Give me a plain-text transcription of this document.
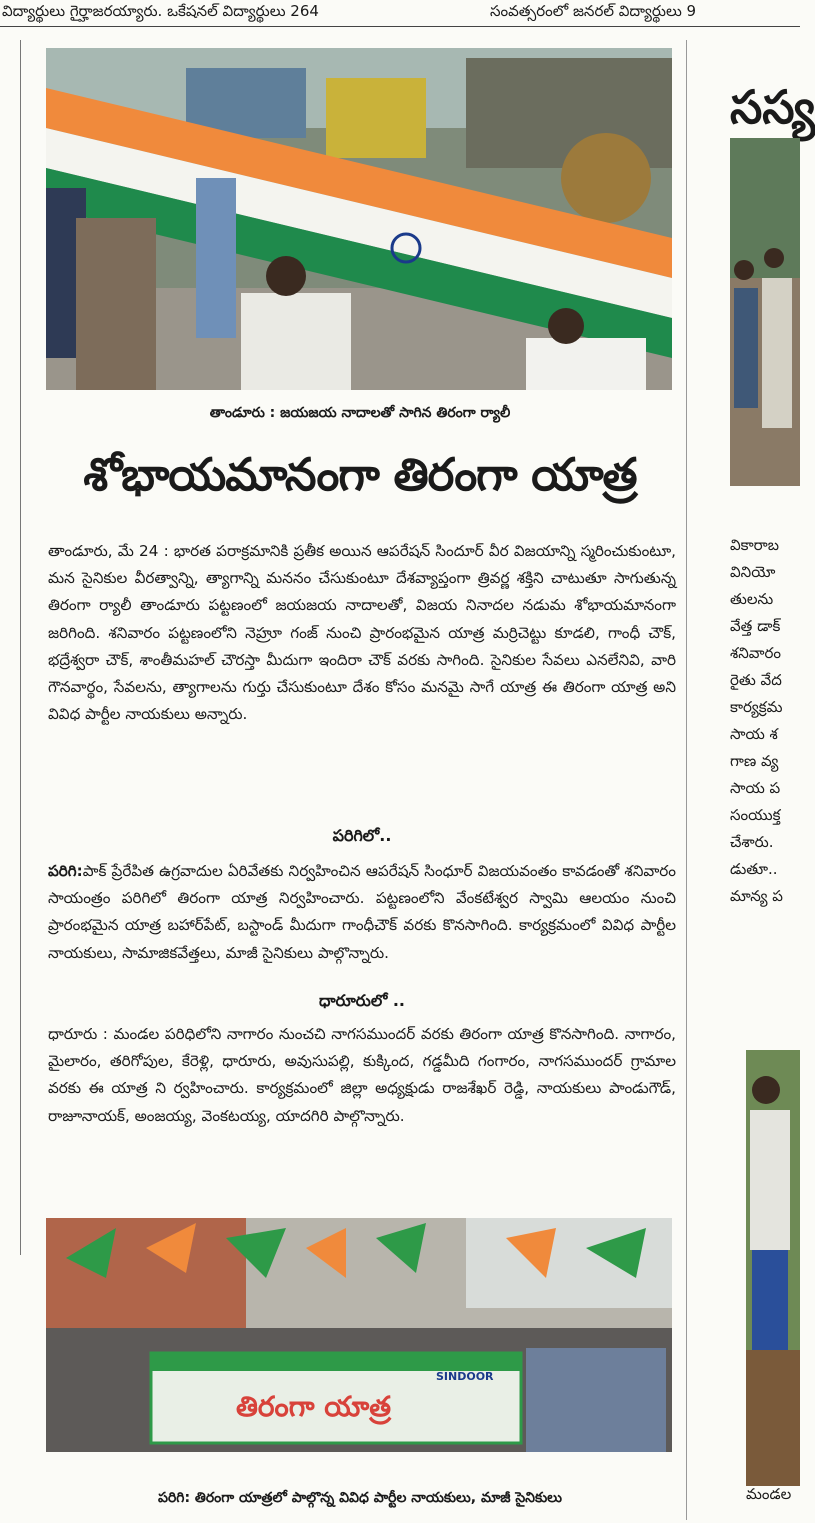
విద్యార్థులు గైర్హాజరయ్యారు. ఒకేషనల్ విద్యార్థులు 264	సంవత్సరంలో జనరల్ విద్యార్థులు 9
తాండూరు : జయజయ నాదాలతో సాగిన తిరంగా ర్యాలీ
శోభాయమానంగా తిరంగా యాత్ర
తాండూరు, మే 24 : భారత పరాక్రమానికి ప్రతీక అయిన ఆపరేషన్ సిందూర్ వీర విజయాన్ని స్మరించుకుంటూ, మన సైనికుల వీరత్వాన్ని, త్యాగాన్ని మననం చేసుకుంటూ దేశవ్యాప్తంగా త్రివర్ణ శక్తిని చాటుతూ సాగుతున్న తిరంగా ర్యాలీ తాండూరు పట్టణంలో జయజయ నాదాలతో, విజయ నినాదల నడుమ శోభాయమానంగా జరిగింది. శనివారం పట్టణంలోని నెహ్రూ గంజ్ నుంచి ప్రారంభమైన యాత్ర మర్రిచెట్టు కూడలి, గాంధీ చౌక్, భద్రేశ్వరా చౌక్, శాంతీమహల్ చౌరస్తా మీదుగా ఇందిరా చౌక్ వరకు సాగింది. సైనికుల సేవలు ఎనలేనివి, వారి గౌనవార్థం, సేవలను, త్యాగాలను గుర్తు చేసుకుంటూ దేశం కోసం మనమై సాగే యాత్ర ఈ తిరంగా యాత్ర అని వివిధ పార్టీల నాయకులు అన్నారు.
పరిగిలో..
పరిగి:పాక్ ప్రేరేపిత ఉగ్రవాదుల ఏరివేతకు నిర్వహించిన ఆపరేషన్ సింధూర్ విజయవంతం కావడంతో శనివారం సాయంత్రం పరిగిలో తిరంగా యాత్ర నిర్వహించారు. పట్టణంలోని వేంకటేశ్వర స్వామి ఆలయం నుంచి ప్రారంభమైన యాత్ర బహార్‌పేట్, బస్టాండ్ మీదుగా గాంధీచౌక్ వరకు కొనసాగింది. కార్యక్రమంలో వివిధ పార్టీల నాయకులు, సామాజికవేత్తలు, మాజీ సైనికులు పాల్గొన్నారు.
ధారూరులో ..
ధారూరు : మండల పరిధిలోని నాగారం నుంచచి నాగసముందర్ వరకు తిరంగా యాత్ర కొనసాగింది. నాగారం, మైలారం, తరిగోపుల, కేరెళ్లి, ధారూరు, అవుసుపల్లి, కుక్కింద, గడ్డమీది గంగారం, నాగసముందర్ గ్రామాల వరకు ఈ యాత్ర ని ర్వహించారు. కార్యక్రమంలో జిల్లా అధ్యక్షుడు రాజశేఖర్ రెడ్డి, నాయకులు పాండుగౌడ్, రాజూనాయక్, అంజయ్య, వెంకటయ్య, యాదగిరి పాల్గొన్నారు.
తిరంగా యాత్ర
SINDOOR
పరిగి: తిరంగా యాత్రలో పాల్గొన్న వివిధ పార్టీల నాయకులు, మాజీ సైనికులు
సస్య
వికారాబ
వినియో
తులను
వేత్త డాక్
శనివారం
రైతు వేద
కార్యక్రమ
సాయ శ
గాణ వ్య
సాయ ప
సంయుక్త
చేశారు.
డుతూ..
మాన్య ప
మండల
